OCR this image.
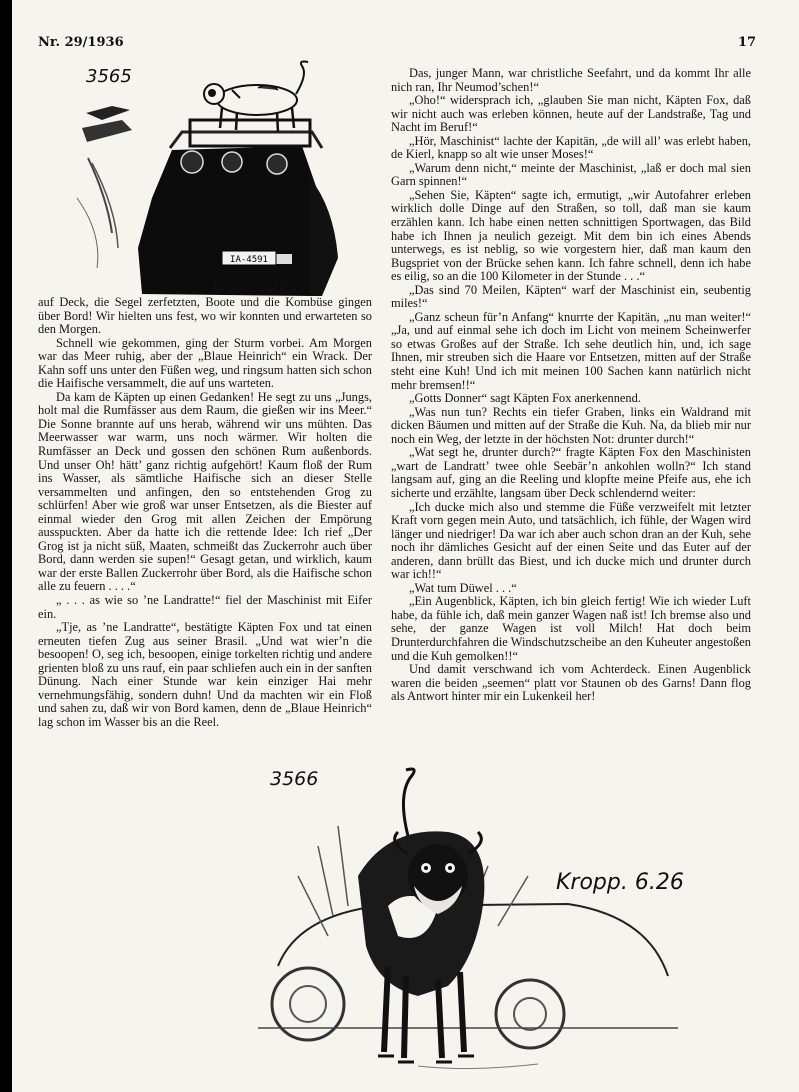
Nr. 29/1936	17
IA-4591
3565
Kropp. 6.26

auf Deck, die Segel zerfetzten, Boote und die Kombüse gingen über Bord! Wir hielten uns fest, wo wir konnten und erwarteten so den Morgen.

Schnell wie gekommen, ging der Sturm vorbei. Am Morgen war das Meer ruhig, aber der „Blaue Heinrich“ ein Wrack. Der Kahn soff uns unter den Füßen weg, und ringsum hatten sich schon die Haifische versammelt, die auf uns warteten.

Da kam de Käpten up einen Gedanken! He segt zu uns „Jungs, holt mal die Rumfässer aus dem Raum, die gießen wir ins Meer.“ Die Sonne brannte auf uns herab, während wir uns mühten. Das Meerwasser war warm, uns noch wärmer. Wir holten die Rumfässer an Deck und gossen den schönen Rum außenbords. Und unser Oh! hätt’ ganz richtig aufgehört! Kaum floß der Rum ins Wasser, als sämtliche Haifische sich an dieser Stelle versammelten und anfingen, den so entstehenden Grog zu schlürfen! Aber wie groß war unser Entsetzen, als die Biester auf einmal wieder den Grog mit allen Zeichen der Empörung ausspuckten. Aber da hatte ich die rettende Idee: Ich rief „Der Grog ist ja nicht süß, Maaten, schmeißt das Zuckerrohr auch über Bord, dann werden sie supen!“ Gesagt getan, und wirklich, kaum war der erste Ballen Zuckerrohr über Bord, als die Haifische schon alle zu feuern . . . .“

„ . . . as wie so ’ne Landratte!“ fiel der Maschinist mit Eifer ein.

„Tje, as ’ne Landratte“, bestätigte Käpten Fox und tat einen erneuten tiefen Zug aus seiner Brasil. „Und wat wier’n die besoopen! O, seg ich, besoopen, einige torkelten richtig und andere grienten bloß zu uns rauf, ein paar schliefen auch ein in der sanften Dünung. Nach einer Stunde war kein einziger Hai mehr vernehmungsfähig, sondern duhn! Und da machten wir ein Floß und sahen zu, daß wir von Bord kamen, denn de „Blaue Heinrich“ lag schon im Wasser bis an die Reel.

Das, junger Mann, war christliche Seefahrt, und da kommt Ihr alle nich ran, Ihr Neumod’schen!“

„Oho!“ widersprach ich, „glauben Sie man nicht, Käpten Fox, daß wir nicht auch was erleben können, heute auf der Landstraße, Tag und Nacht im Beruf!“

„Hör, Maschinist“ lachte der Kapitän, „de will all’ was erlebt haben, de Kierl, knapp so alt wie unser Moses!“

„Warum denn nicht,“ meinte der Maschinist, „laß er doch mal sien Garn spinnen!“

„Sehen Sie, Käpten“ sagte ich, ermutigt, „wir Autofahrer erleben wirklich dolle Dinge auf den Straßen, so toll, daß man sie kaum erzählen kann. Ich habe einen netten schnittigen Sportwagen, das Bild habe ich Ihnen ja neulich gezeigt. Mit dem bin ich eines Abends unterwegs, es ist neblig, so wie vorgestern hier, daß man kaum den Bugspriet von der Brücke sehen kann. Ich fahre schnell, denn ich habe es eilig, so an die 100 Kilometer in der Stunde . . .“

„Das sind 70 Meilen, Käpten“ warf der Maschinist ein, seubentig miles!“

„Ganz scheun für’n Anfang“ knurrte der Kapitän, „nu man weiter!“ „Ja, und auf einmal sehe ich doch im Licht von meinem Scheinwerfer so etwas Großes auf der Straße. Ich sehe deutlich hin, und, ich sage Ihnen, mir streuben sich die Haare vor Entsetzen, mitten auf der Straße steht eine Kuh! Und ich mit meinen 100 Sachen kann natürlich nicht mehr bremsen!!“

„Gotts Donner“ sagt Käpten Fox anerkennend.

„Was nun tun? Rechts ein tiefer Graben, links ein Waldrand mit dicken Bäumen und mitten auf der Straße die Kuh. Na, da blieb mir nur noch ein Weg, der letzte in der höchsten Not: drunter durch!“

„Wat segt he, drunter durch?“ fragte Käpten Fox den Maschinisten „wart de Landratt’ twee ohle Seebär’n ankohlen wolln?“ Ich stand langsam auf, ging an die Reeling und klopfte meine Pfeife aus, ehe ich sicherte und erzählte, langsam über Deck schlendernd weiter:

„Ich ducke mich also und stemme die Füße verzweifelt mit letzter Kraft vorn gegen mein Auto, und tatsächlich, ich fühle, der Wagen wird länger und niedriger! Da war ich aber auch schon dran an der Kuh, sehe noch ihr dämliches Gesicht auf der einen Seite und das Euter auf der anderen, dann brüllt das Biest, und ich ducke mich und drunter durch war ich!!“

„Wat tum Düwel . . .“

„Ein Augenblick, Käpten, ich bin gleich fertig! Wie ich wieder Luft habe, da fühle ich, daß mein ganzer Wagen naß ist! Ich bremse also und sehe, der ganze Wagen ist voll Milch! Hat doch beim Drunterdurchfahren die Windschutzscheibe an den Kuheuter angestoßen und die Kuh gemolken!!“

Und damit verschwand ich vom Achterdeck. Einen Augenblick waren die beiden „seemen“ platt vor Staunen ob des Garns! Dann flog als Antwort hinter mir ein Lukenkeil her!

3566
Kropp. 6.26
